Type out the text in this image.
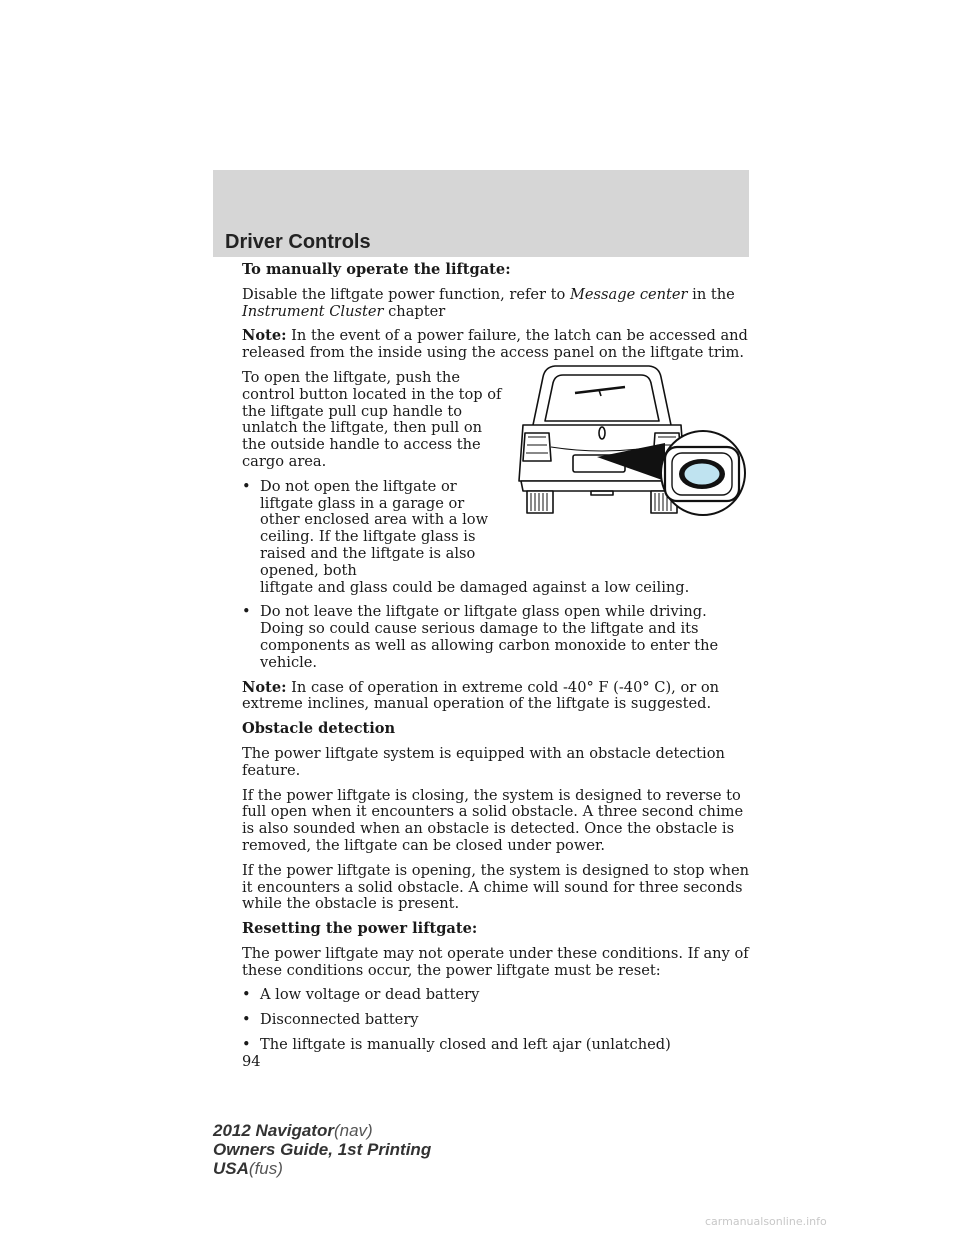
Driver Controls

To manually operate the liftgate:

Disable the liftgate power function, refer to Message center in the
Instrument Cluster chapter

Note: In the event of a power failure, the latch can be accessed and released from the inside using the access panel on the liftgate trim.

To open the liftgate, push the control button located in the top of the liftgate pull cup handle to unlatch the liftgate, then pull on the outside handle to access the cargo area.

• Do not open the liftgate or liftgate glass in a garage or other enclosed area with a low ceiling. If the liftgate glass is raised and the liftgate is also opened, both
liftgate and glass could be damaged against a low ceiling.
• Do not leave the liftgate or liftgate glass open while driving. Doing so could cause serious damage to the liftgate and its components as well as allowing carbon monoxide to enter the vehicle.

Note: In case of operation in extreme cold -40° F (-40° C), or on extreme inclines, manual operation of the liftgate is suggested.

Obstacle detection

The power liftgate system is equipped with an obstacle detection feature.

If the power liftgate is closing, the system is designed to reverse to full open when it encounters a solid obstacle. A three second chime is also sounded when an obstacle is detected. Once the obstacle is removed, the liftgate can be closed under power.

If the power liftgate is opening, the system is designed to stop when it encounters a solid obstacle. A chime will sound for three seconds while the obstacle is present.

Resetting the power liftgate:

The power liftgate may not operate under these conditions. If any of these conditions occur, the power liftgate must be reset:

• A low voltage or dead battery
• Disconnected battery
• The liftgate is manually closed and left ajar (unlatched)
94
2012 Navigator(nav)
Owners Guide, 1st Printing
USA(fus)
carmanualsonline.info
